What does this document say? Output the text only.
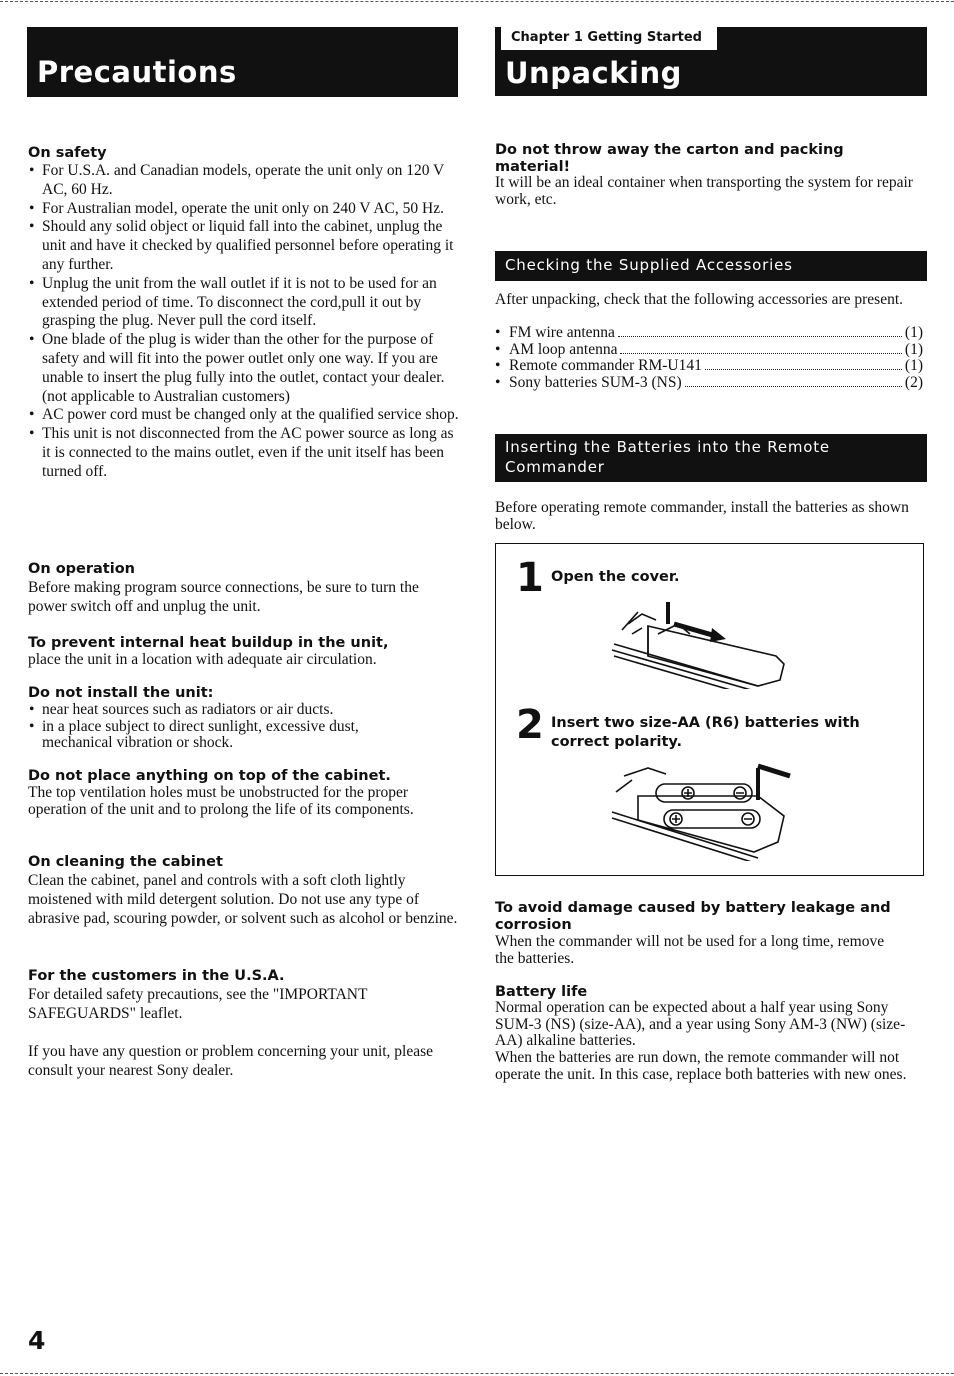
Precautions
On safety
• For U.S.A. and Canadian models, operate the unit only on 120 V AC, 60 Hz.
• For Australian model, operate the unit only on 240 V AC, 50 Hz.
• Should any solid object or liquid fall into the cabinet, unplug the unit and have it checked by qualified personnel before operating it any further.
• Unplug the unit from the wall outlet if it is not to be used for an extended period of time. To disconnect the cord,pull it out by grasping the plug. Never pull the cord itself.
• One blade of the plug is wider than the other for the purpose of safety and will fit into the power outlet only one way. If you are unable to insert the plug fully into the outlet, contact your dealer. (not applicable to Australian customers)
• AC power cord must be changed only at the qualified service shop.
• This unit is not disconnected from the AC power source as long as it is connected to the mains outlet, even if the unit itself has been turned off.
On operation
Before making program source connections, be sure to turn the power switch off and unplug the unit.
To prevent internal heat buildup in the unit,
place the unit in a location with adequate air circulation.
Do not install the unit:
• near heat sources such as radiators or air ducts.
• in a place subject to direct sunlight, excessive dust, mechanical vibration or shock.
Do not place anything on top of the cabinet.
The top ventilation holes must be unobstructed for the proper operation of the unit and to prolong the life of its components.
On cleaning the cabinet
Clean the cabinet, panel and controls with a soft cloth lightly moistened with mild detergent solution. Do not use any type of abrasive pad, scouring powder, or solvent such as alcohol or benzine.
For the customers in the U.S.A.
For detailed safety precautions, see the "IMPORTANT SAFEGUARDS" leaflet.
If you have any question or problem concerning your unit, please consult your nearest Sony dealer.
4
Unpacking
Chapter 1 Getting Started
Do not throw away the carton and packing material!
It will be an ideal container when transporting the system for repair work, etc.
Checking the Supplied Accessories
After unpacking, check that the following accessories are present.
• FM wire antenna	(1)
• AM loop antenna	(1)
• Remote commander RM-U141	(1)
• Sony batteries SUM-3 (NS)	(2)
Inserting the Batteries into the Remote Commander
Before operating remote commander, install the batteries as shown below.
1 Open the cover.
2 Insert two size-AA (R6) batteries with correct polarity.
To avoid damage caused by battery leakage and corrosion
When the commander will not be used for a long time, remove the batteries.
Battery life
Normal operation can be expected about a half year using Sony SUM-3 (NS) (size-AA), and a year using Sony AM-3 (NW) (size-AA) alkaline batteries.
When the batteries are run down, the remote commander will not operate the unit. In this case, replace both batteries with new ones.
